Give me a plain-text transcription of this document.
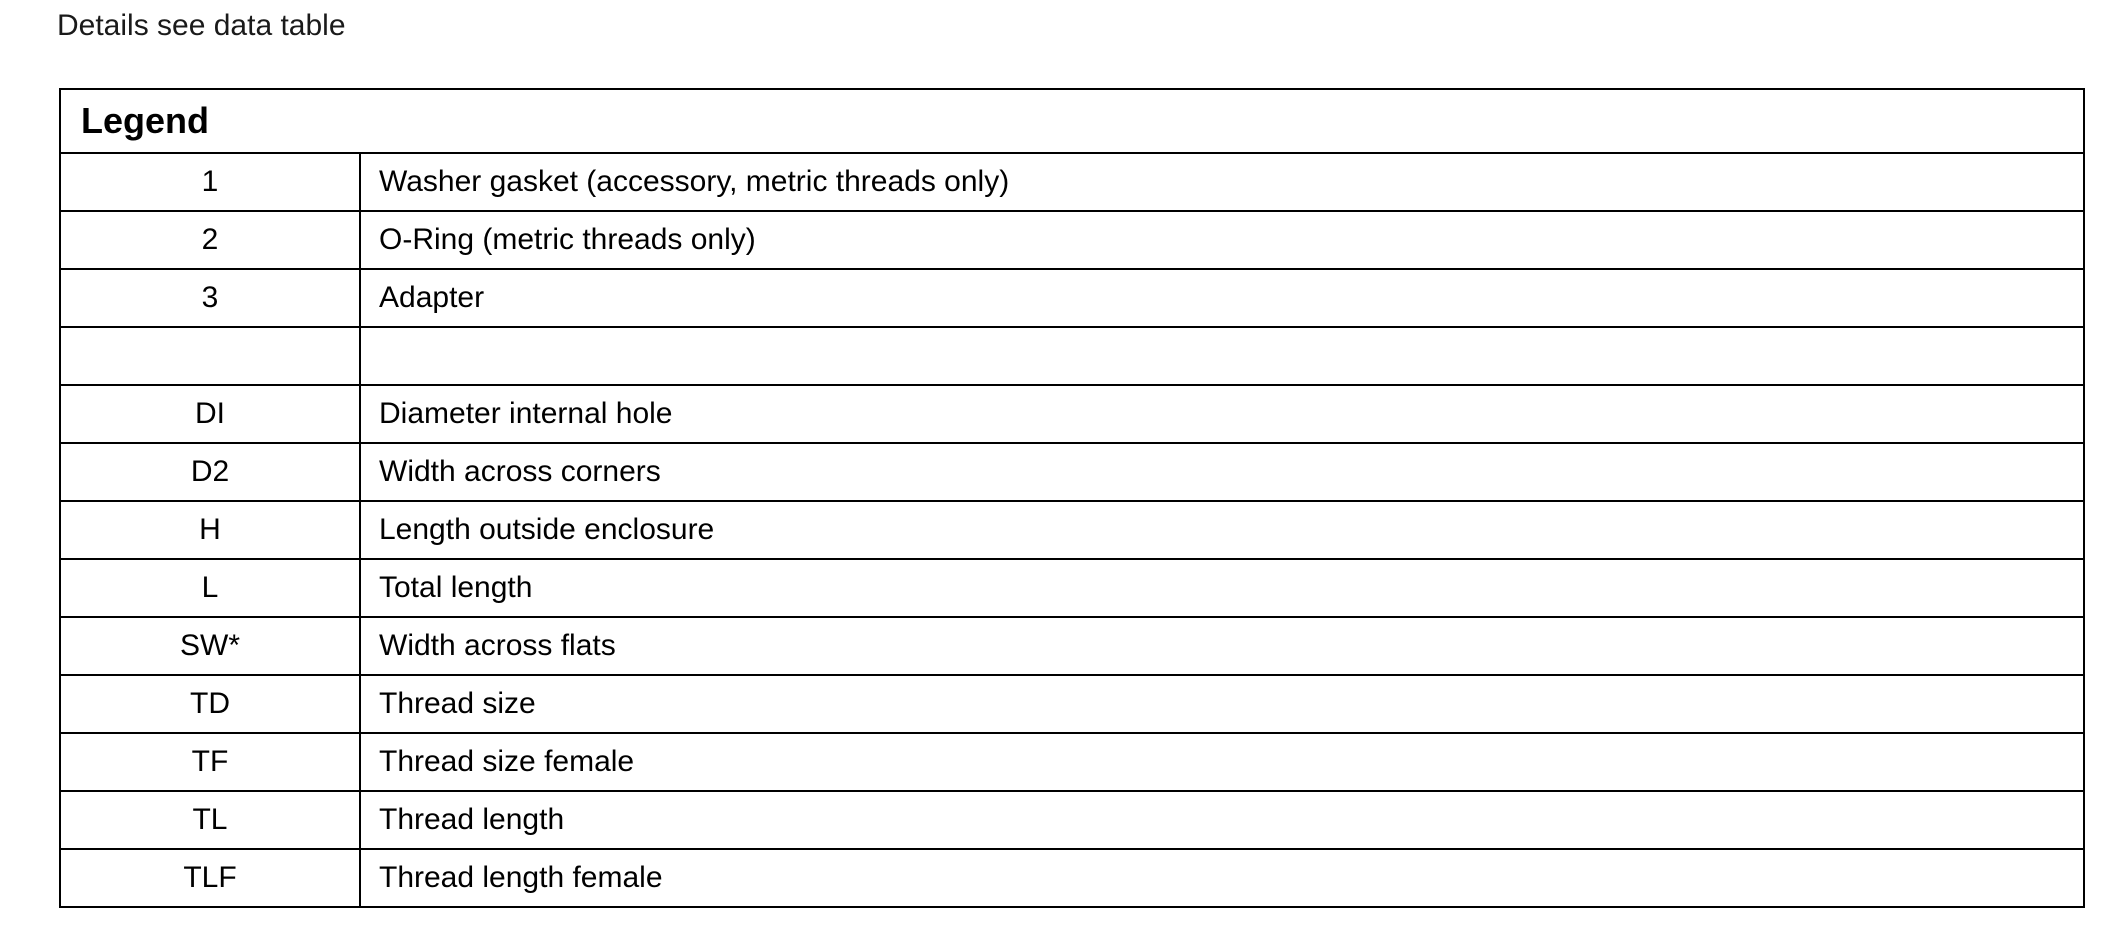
Details see data table
Legend	
1	Washer gasket (accessory, metric threads only)
2	O-Ring (metric threads only)
3	Adapter

DI	Diameter internal hole
D2	Width across corners
H	Length outside enclosure
L	Total length
SW*	Width across flats
TD	Thread size
TF	Thread size female
TL	Thread length
TLF	Thread length female
